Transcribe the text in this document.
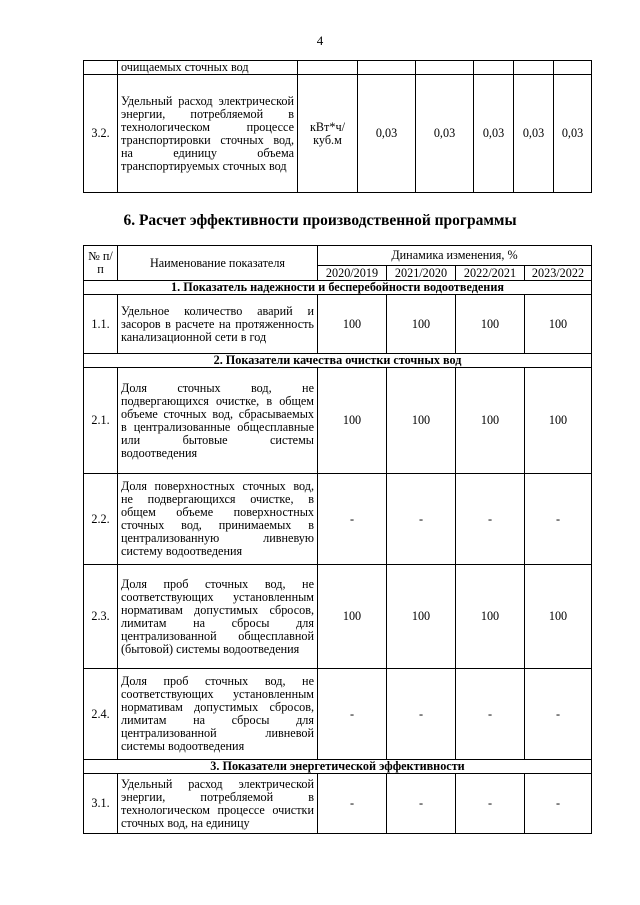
4
	очищаемых сточных вод						
3.2.	Удельный расход электрической энергии, потребляемой в технологическом процессе транспортировки сточных вод, на единицу объема транспортируемых сточных вод	кВт*ч/ куб.м	0,03	0,03	0,03	0,03	0,03
6. Расчет эффективности производственной программы
№ п/п	Наименование показателя	Динамика изменения, %			
		2020/2019	2021/2020	2022/2021	2023/2022
1. Показатель надежности и бесперебойности водоотведения					
1.1.	Удельное количество аварий и засоров в расчете на протяженность канализационной сети в год	100	100	100	100
2. Показатели качества очистки сточных вод					
2.1.	Доля сточных вод, не подвергающихся очистке, в общем объеме сточных вод, сбрасываемых в централизованные общесплавные или бытовые системы водоотведения	100	100	100	100
2.2.	Доля поверхностных сточных вод, не подвергающихся очистке, в общем объеме поверхностных сточных вод, принимаемых в централизованную ливневую систему водоотведения	-	-	-	-
2.3.	Доля проб сточных вод, не соответствующих установленным нормативам допустимых сбросов, лимитам на сбросы для централизованной общесплавной (бытовой) системы водоотведения	100	100	100	100
2.4.	Доля проб сточных вод, не соответствующих установленным нормативам допустимых сбросов, лимитам на сбросы для централизованной ливневой системы водоотведения	-	-	-	-
3. Показатели энергетической эффективности					
3.1.	Удельный расход электрической энергии, потребляемой в технологическом процессе очистки сточных вод, на единицу	-	-	-	-
